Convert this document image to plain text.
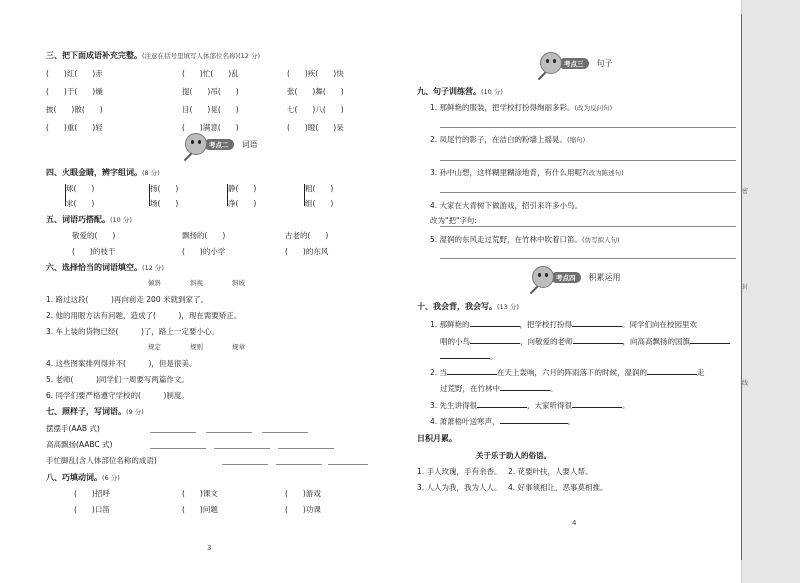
三、把下面成语补充完整。(注意在括号里填写人体部位名称)(12 分)
(　　)红(　　)赤	(　　)忙(　　)乱	(　　)疾(　　)快
(　　)干(　　)燥	提(　　)吊(　　)	张(　　)舞(　　)
披(　　)散(　　)	目(　　)晃(　　)	七(　　)八(　　)
(　　)重(　　)轻	(　　)满意(　　)	(　　)瞪(　　)呆
考点二	词语
四、火眼金睛，辨字组词。(8 分)
球(　　)
求(　　)
扬(　　)
场(　　)
静(　　)
净(　　)
粗(　　)
组(　　)
五、词语巧搭配。(10 分)
敬爱的(　　)	飘扬的(　　)	古老的(　　)
(　　)的枝干	(　　)的小学	(　　)的东风
六、选择恰当的词语填空。(12 分)
倾斜	斜视	斜坡
1. 路过这段(　　　)再向前走 200 米就到家了。
2. 他的用眼方法有问题，造成了(　　　)，现在需要矫正。
3. 车上装的货物已经(　　　)了，路上一定要小心。
规定	规则	规章
4. 这些图案排列得并不(　　　)，但是很美。
5. 老师(　　　)同学们一周要写两篇作文。
6. 同学们要严格遵守学校的(　　　)制度。
七、照样子，写词语。(9 分)
摆摆手(AAB 式)
高高飘扬(AABC 式)
手忙脚乱(含人体部位名称的成语)
八、巧填动词。(6 分)
(　　)招呼	(　　)课文	(　　)游戏
(　　)口笛	(　　)问题	(　　)功课
3
考点三	句子
九、句子训练营。(10 分)
1. 那鲜艳的服装，把学校打扮得绚丽多彩。(改为反问句)
2. 凤尾竹的影子，在洁白的粉墙上摇晃。(缩句)
3. 孙中山想，这样糊里糊涂地背，有什么用呢?(改为陈述句)
4. 大家在大青树下做游戏，招引来许多小鸟。
改为"把"字句:
5. 湿润的东风走过荒野，在竹林中吹着口笛。(仿写拟人句)
考点四	积累运用
十、我会背，我会写。(13 分)
1. 那鲜艳的	，把学校打扮得	。同学们向在校园里欢
唱的小鸟	，向敬爱的老师	，向高高飘扬的国旗
。
2. 当	在天上轰响，六月的阵雨落下的时候，湿润的	走
过荒野，在竹林中	。
3. 先生讲得很	，大家听得很	。
4. 萧萧梧叶送寒声，	。
日积月累。
关于乐于助人的俗语。
1. 手人玫瑰，手有余香。 2. 花要叶扶，人要人帮。
3. 人人为我，我为人人。 4. 好事须相让，恶事莫相推。
4
密
封
线
